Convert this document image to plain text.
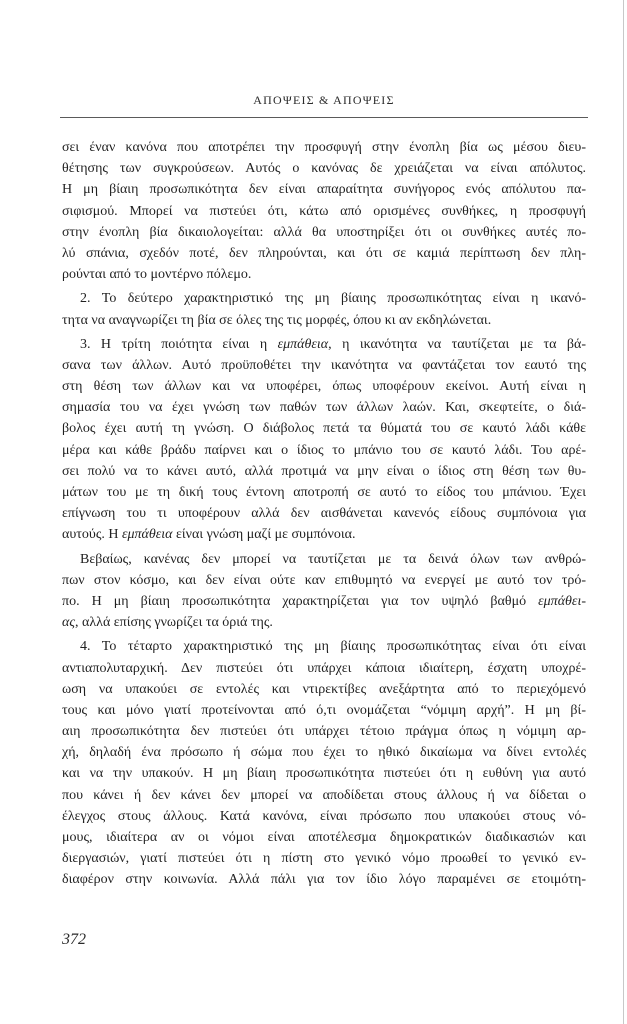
ΑΠΟΨΕΙΣ & ΑΠΟΨΕΙΣ
σει έναν κανόνα που αποτρέπει την προσφυγή στην ένοπλη βία ως μέσου διευ-
θέτησης των συγκρούσεων. Αυτός ο κανόνας δε χρειάζεται να είναι απόλυτος.
Η μη βίαιη προσωπικότητα δεν είναι απαραίτητα συνήγορος ενός απόλυτου πα-
σιφισμού. Μπορεί να πιστεύει ότι, κάτω από ορισμένες συνθήκες, η προσφυγή
στην ένοπλη βία δικαιολογείται: αλλά θα υποστηρίξει ότι οι συνθήκες αυτές πο-
λύ σπάνια, σχεδόν ποτέ, δεν πληρούνται, και ότι σε καμιά περίπτωση δεν πλη-
ρούνται από το μοντέρνο πόλεμο.
2. Το δεύτερο χαρακτηριστικό της μη βίαιης προσωπικότητας είναι η ικανό-
τητα να αναγνωρίζει τη βία σε όλες της τις μορφές, όπου κι αν εκδηλώνεται.
3. Η τρίτη ποιότητα είναι η εμπάθεια, η ικανότητα να ταυτίζεται με τα βά-
σανα των άλλων. Αυτό προϋποθέτει την ικανότητα να φαντάζεται τον εαυτό της
στη θέση των άλλων και να υποφέρει, όπως υποφέρουν εκείνοι. Αυτή είναι η
σημασία του να έχει γνώση των παθών των άλλων λαών. Και, σκεφτείτε, ο διά-
βολος έχει αυτή τη γνώση. Ο διάβολος πετά τα θύματά του σε καυτό λάδι κάθε
μέρα και κάθε βράδυ παίρνει και ο ίδιος το μπάνιο του σε καυτό λάδι. Του αρέ-
σει πολύ να το κάνει αυτό, αλλά προτιμά να μην είναι ο ίδιος στη θέση των θυ-
μάτων του με τη δική τους έντονη αποτροπή σε αυτό το είδος του μπάνιου. Έχει
επίγνωση του τι υποφέρουν αλλά δεν αισθάνεται κανενός είδους συμπόνοια για
αυτούς. Η εμπάθεια είναι γνώση μαζί με συμπόνοια.
Βεβαίως, κανένας δεν μπορεί να ταυτίζεται με τα δεινά όλων των ανθρώ-
πων στον κόσμο, και δεν είναι ούτε καν επιθυμητό να ενεργεί με αυτό τον τρό-
πο. Η μη βίαιη προσωπικότητα χαρακτηρίζεται για τον υψηλό βαθμό εμπάθει-
ας, αλλά επίσης γνωρίζει τα όριά της.
4. Το τέταρτο χαρακτηριστικό της μη βίαιης προσωπικότητας είναι ότι είναι
αντιαπολυταρχική. Δεν πιστεύει ότι υπάρχει κάποια ιδιαίτερη, έσχατη υποχρέ-
ωση να υπακούει σε εντολές και ντιρεκτίβες ανεξάρτητα από το περιεχόμενό
τους και μόνο γιατί προτείνονται από ό,τι ονομάζεται “νόμιμη αρχή”. Η μη βί-
αιη προσωπικότητα δεν πιστεύει ότι υπάρχει τέτοιο πράγμα όπως η νόμιμη αρ-
χή, δηλαδή ένα πρόσωπο ή σώμα που έχει το ηθικό δικαίωμα να δίνει εντολές
και να την υπακούν. Η μη βίαιη προσωπικότητα πιστεύει ότι η ευθύνη για αυτό
που κάνει ή δεν κάνει δεν μπορεί να αποδίδεται στους άλλους ή να δίδεται ο
έλεγχος στους άλλους. Κατά κανόνα, είναι πρόσωπο που υπακούει στους νό-
μους, ιδιαίτερα αν οι νόμοι είναι αποτέλεσμα δημοκρατικών διαδικασιών και
διεργασιών, γιατί πιστεύει ότι η πίστη στο γενικό νόμο προωθεί το γενικό εν-
διαφέρον στην κοινωνία. Αλλά πάλι για τον ίδιο λόγο παραμένει σε ετοιμότη-
372
